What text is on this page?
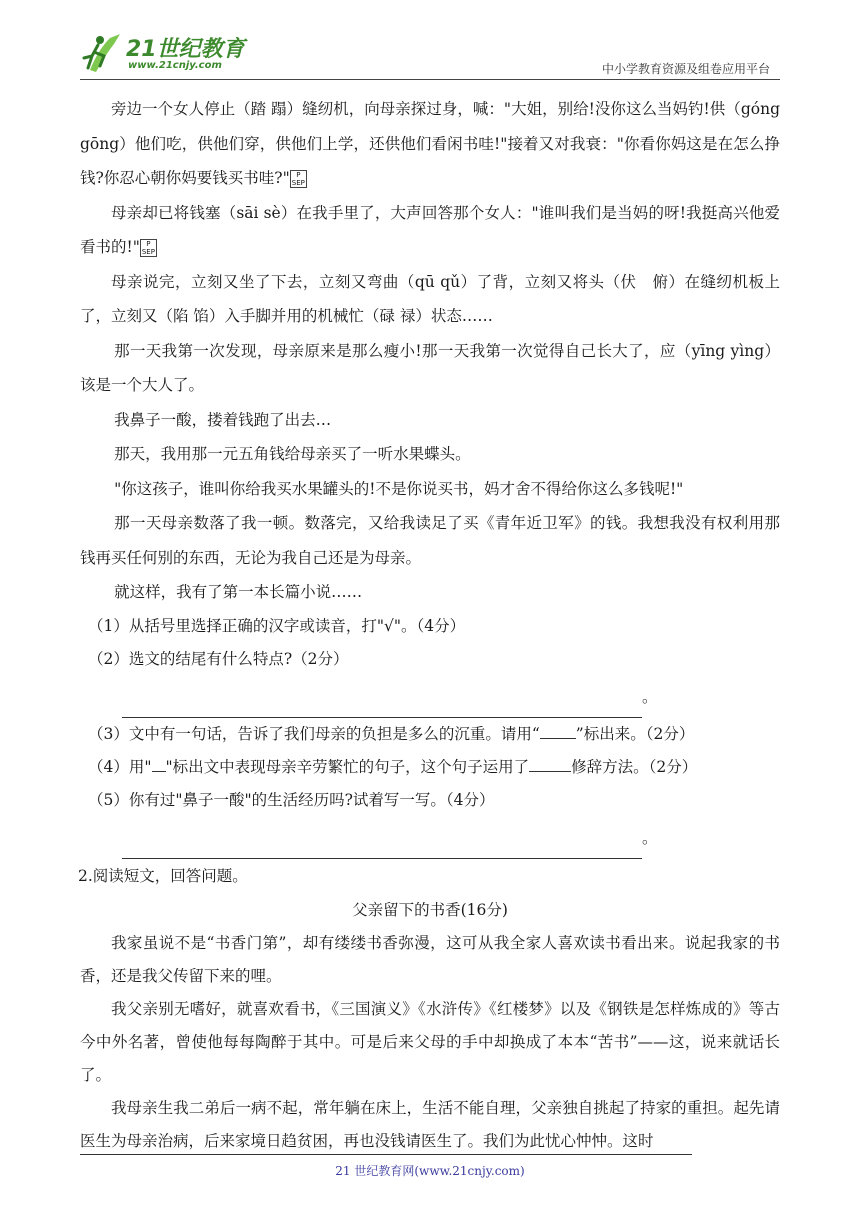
21世纪教育
www.21cnjy.com	中小学教育资源及组卷应用平台

旁边一个女人停止（踏 蹋）缝纫机，向母亲探过身，喊："大姐，别给!没你这么当妈钓!供（góng gōng）他们吃，供他们穿，供他们上学，还供他们看闲书哇!"接着又对我衰："你看你妈这是在怎么挣钱?你忍心朝你妈要钱买书哇?" P
SEP

母亲却已将钱塞（sāi sè）在我手里了，大声回答那个女人："谁叫我们是当妈的呀!我挺高兴他爱看书的!" P
SEP

母亲说完，立刻又坐了下去，立刻又弯曲（qū qǔ）了背，立刻又将头（伏　俯）在缝纫机板上了，立刻又（陷 馅）入手脚并用的机械忙（碌 禄）状态……

那一天我第一次发现，母亲原来是那么瘦小!那一天我第一次觉得自己长大了，应（yīng yìng）该是一个大人了。

我鼻子一酸，搂着钱跑了出去…

那天，我用那一元五角钱给母亲买了一听水果蝶头。

"你这孩子，谁叫你给我买水果罐头的!不是你说买书，妈才舍不得给你这么多钱呢!"

那一天母亲数落了我一顿。数落完，又给我读足了买《青年近卫军》的钱。我想我没有权利用那钱再买任何别的东西，无论为我自己还是为母亲。

就这样，我有了第一本长篇小说……

（1）从括号里选择正确的汉字或读音，打"√"。（4分）

（2）选文的结尾有什么特点?（2分）

。

（3）文中有一句话，告诉了我们母亲的负担是多么的沉重。请用“ ”标出来。（2分）

（4）用" "标出文中表现母亲辛劳繁忙的句子，这个句子运用了	修辞方法。（2分）

（5）你有过"鼻子一酸"的生活经历吗?试着写一写。（4分）

。

2.阅读短文，回答问题。

父亲留下的书香(16分)

我家虽说不是“书香门第”，却有缕缕书香弥漫，这可从我全家人喜欢读书看出来。说起我家的书香，还是我父传留下来的哩。

我父亲别无嗜好，就喜欢看书，《三国演义》《水浒传》《红楼梦》以及《钢铁是怎样炼成的》等古今中外名著，曾使他每每陶醉于其中。可是后来父母的手中却换成了本本“苦书”——这，说来就话长了。

我母亲生我二弟后一病不起，常年躺在床上，生活不能自理，父亲独自挑起了持家的重担。起先请医生为母亲治病，后来家境日趋贫困，再也没钱请医生了。我们为此忧心忡忡。这时

21 世纪教育网(www.21cnjy.com)
